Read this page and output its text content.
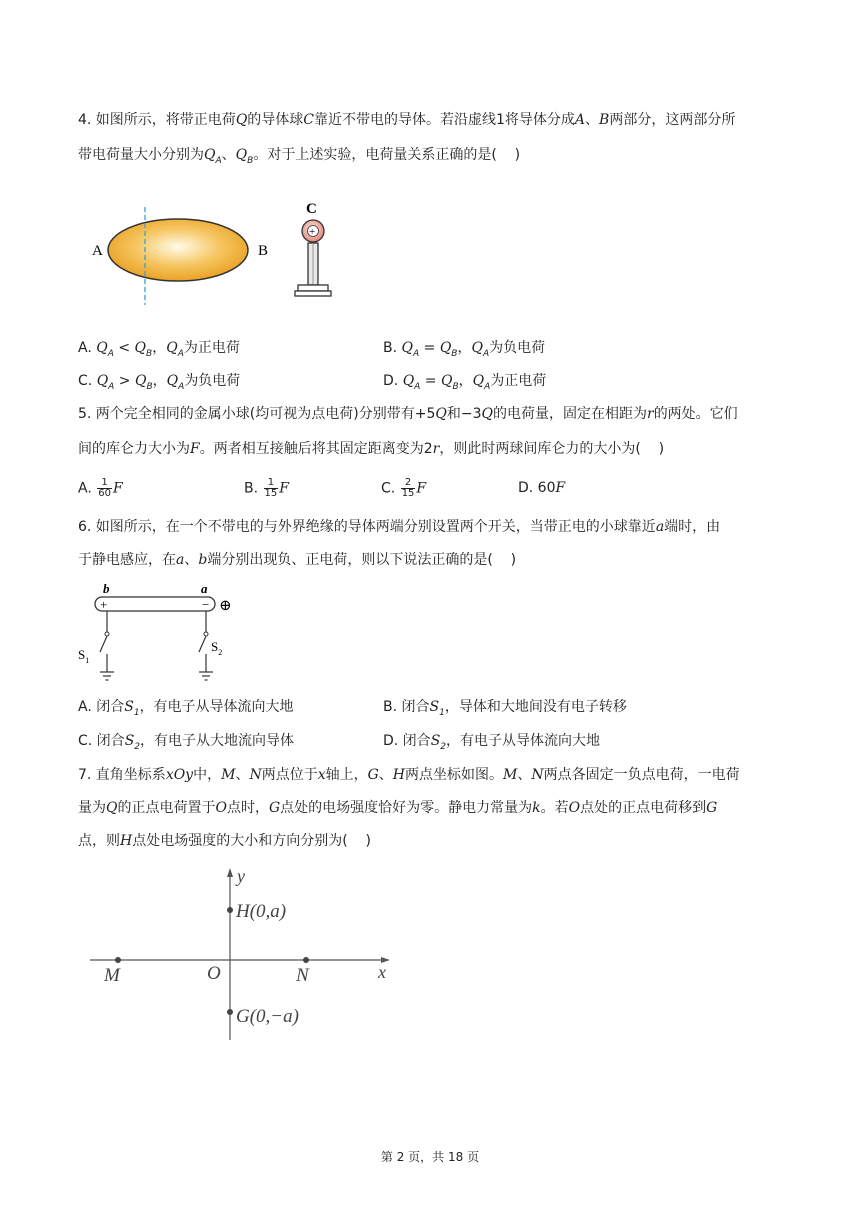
4. 如图所示，将带正电荷Q的导体球C靠近不带电的导体。若沿虚线1将导体分成A、B两部分，这两部分所
带电荷量大小分别为$Q_A$、$Q_B$。对于上述实验，电荷量关系正确的是(    )
A	B
C
+
A. $Q_A < Q_B$，$Q_A$为正电荷	B. $Q_A = Q_B$，$Q_A$为负电荷
C. $Q_A > Q_B$，$Q_A$为负电荷	D. $Q_A = Q_B$，$Q_A$为正电荷
5. 两个完全相同的金属小球(均可视为点电荷)分别带有+5Q和−3Q的电荷量，固定在相距为r的两处。它们
间的库仑力大小为F。两者相互接触后将其固定距离变为2r，则此时两球间库仑力的大小为(    )
A. $\frac{1}{60}$ F	B. $\frac{1}{15}$ F	C. $\frac{2}{15}$ F	D. 60F
6. 如图所示，在一个不带电的与外界绝缘的导体两端分别设置两个开关，当带正电的小球靠近a端时，由
于静电感应，在a、b端分别出现负、正电荷，则以下说法正确的是(    )
b	a
+	− ⊕
$S_1$
$S_2$
A. 闭合$S_1$，有电子从导体流向大地	B. 闭合$S_1$，导体和大地间没有电子转移
C. 闭合$S_2$，有电子从大地流向导体	D. 闭合$S_2$，有电子从导体流向大地
7. 直角坐标系xOy中，M、N两点位于x轴上，G、H两点坐标如图。M、N两点各固定一负点电荷，一电荷
量为Q的正点电荷置于O点时，G点处的电场强度恰好为零。静电力常量为k。若O点处的正点电荷移到G
点，则H点处电场强度的大小和方向分别为(    )
y
x
H(0,a)
G(0,−a)
M	O	N
第 2 页，共 18 页
